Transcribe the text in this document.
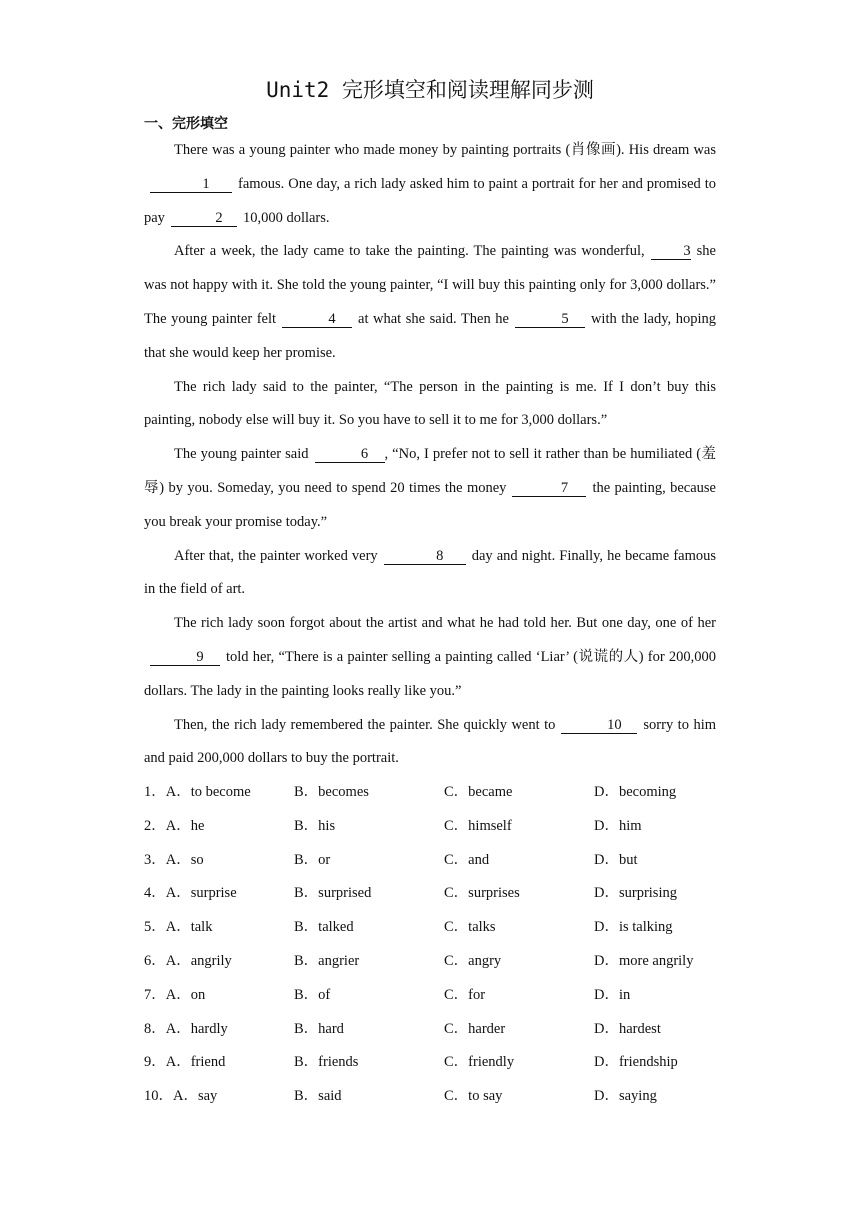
Unit2 完形填空和阅读理解同步测
一、完形填空

There was a young painter who made money by painting portraits (肖像画). His dream was1 famous. One day, a rich lady asked him to paint a portrait for her and promised to pay	2 10,000 dollars.

After a week, the lady came to take the painting. The painting was wonderful,	3 she was not happy with it. She told the young painter, “I will buy this painting only for 3,000 dollars.” The young painter felt	4 at what she said. Then he	5 with the lady, hoping that she would keep her promise.

The rich lady said to the painter, “The person in the painting is me. If I don’t buy this painting, nobody else will buy it. So you have to sell it to me for 3,000 dollars.”

The young painter said	6 , “No, I prefer not to sell it rather than be humiliated (羞辱) by you. Someday, you need to spend 20 times the money	7 the painting, because you break your promise today.”

After that, the painter worked very	8 day and night. Finally, he became famous in the field of art.

The rich lady soon forgot about the artist and what he had told her. But one day, one of her9 told her, “There is a painter selling a painting called ‘Liar’ (说谎的人) for 200,000 dollars. The lady in the painting looks really like you.”

Then, the rich lady remembered the painter. She quickly went to	10 sorry to him and paid 200,000 dollars to buy the portrait.

1．A．to become	B．becomes	C．became	D．becoming
2．A．he	B．his	C．himself	D．him
3．A．so	B．or	C．and	D．but
4．A．surprise	B．surprised	C．surprises	D．surprising
5．A．talk	B．talked	C．talks	D．is talking
6．A．angrily	B．angrier	C．angry	D．more angrily
7．A．on	B．of	C．for	D．in
8．A．hardly	B．hard	C．harder	D．hardest
9．A．friend	B．friends	C．friendly	D．friendship
10．A．say	B．said	C．to say	D．saying
